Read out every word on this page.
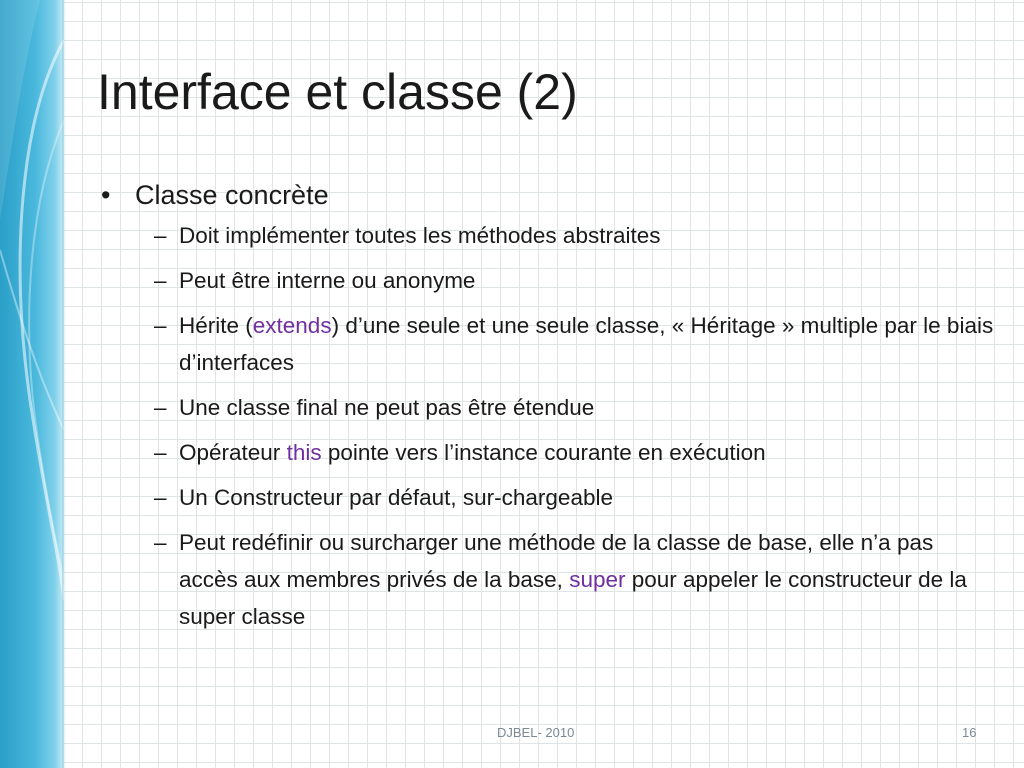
Interface et classe (2)
• Classe concrète
– Doit implémenter toutes les méthodes abstraites
– Peut être interne ou anonyme
– Hérite (extends) d’une seule et une seule classe, « Héritage » multiple par le biais d’interfaces
– Une classe final ne peut pas être étendue
– Opérateur this pointe vers l’instance courante en exécution
– Un Constructeur par défaut, sur-chargeable
– Peut redéfinir ou surcharger une méthode de la classe de base, elle n’a pas accès aux membres privés de la base, super pour appeler le constructeur de la super classe
DJBEL- 2010	16
